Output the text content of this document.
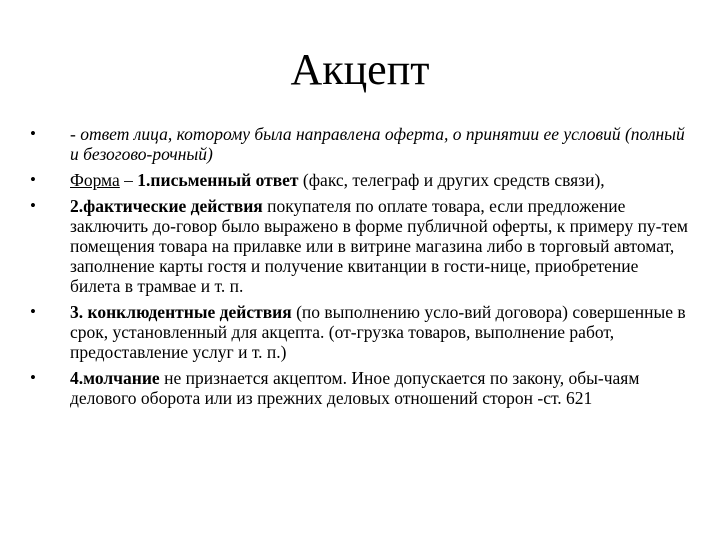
Акцепт
•	- ответ лица, которому была направлена оферта, о принятии ее условий (полный и безогово-рочный)
•	Форма – 1.письменный ответ (факс, телеграф и других средств связи),
•	2.фактические действия покупателя по оплате товара, если предложение заключить до-говор было выражено в форме публичной оферты, к примеру пу-тем помещения товара на прилавке или в витрине магазина либо в торговый автомат, заполнение карты гостя и получение квитанции в гости-нице, приобретение билета в трамвае и т. п.
•	3. конклюдентные действия (по выполнению усло-вий договора) совершенные в срок, установленный для акцепта. (от-грузка товаров, выполнение работ, предоставление услуг и т. п.)
•	4.молчание не признается акцептом. Иное допускается по закону, обы-чаям делового оборота или из прежних деловых отношений сторон -ст. 621
